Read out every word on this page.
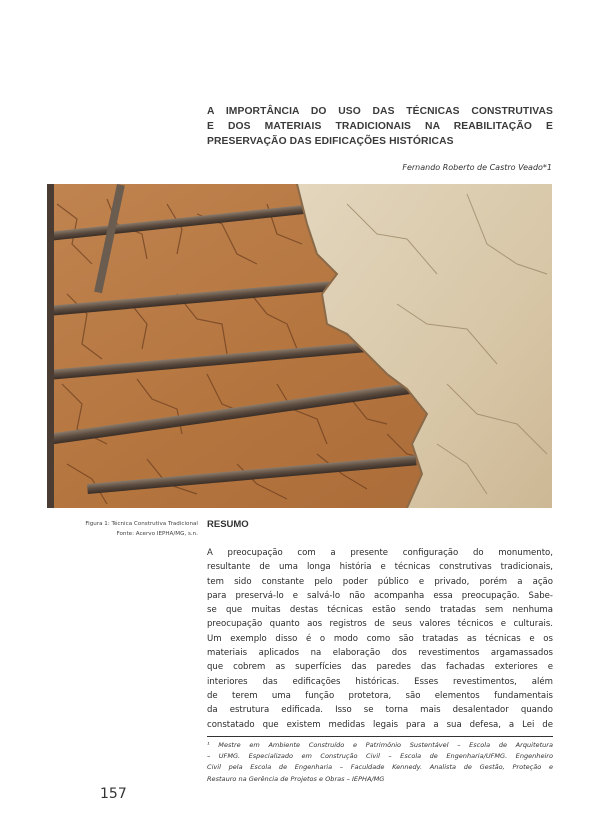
A IMPORTÂNCIA DO USO DAS TÉCNICAS CONSTRUTIVAS
E DOS MATERIAIS TRADICIONAIS NA REABILITAÇÃO E
PRESERVAÇÃO DAS EDIFICAÇÕES HISTÓRICAS
Fernando Roberto de Castro Veado*1
Figura 1: Técnica Construtiva Tradicional
Fonte: Acervo IEPHA/MG, s.n.
RESUMO
A preocupação com a presente configuração do monumento,
resultante de uma longa história e técnicas construtivas tradicionais,
tem sido constante pelo poder público e privado, porém a ação
para preservá-lo e salvá-lo não acompanha essa preocupação. Sabe-
se que muitas destas técnicas estão sendo tratadas sem nenhuma
preocupação quanto aos registros de seus valores técnicos e culturais.
Um exemplo disso é o modo como são tratadas as técnicas e os
materiais aplicados na elaboração dos revestimentos argamassados
que cobrem as superfícies das paredes das fachadas exteriores e
interiores das edificações históricas. Esses revestimentos, além
de terem uma função protetora, são elementos fundamentais
da estrutura edificada. Isso se torna mais desalentador quando
constatado que existem medidas legais para a sua defesa, a Lei de
¹ Mestre em Ambiente Construído e Patrimônio Sustentável – Escola de Arquitetura
– UFMG. Especializado em Construção Civil – Escola de Engenharia/UFMG. Engenheiro
Civil pela Escola de Engenharia – Faculdade Kennedy. Analista de Gestão, Proteção e
Restauro na Gerência de Projetos e Obras – IEPHA/MG
157
